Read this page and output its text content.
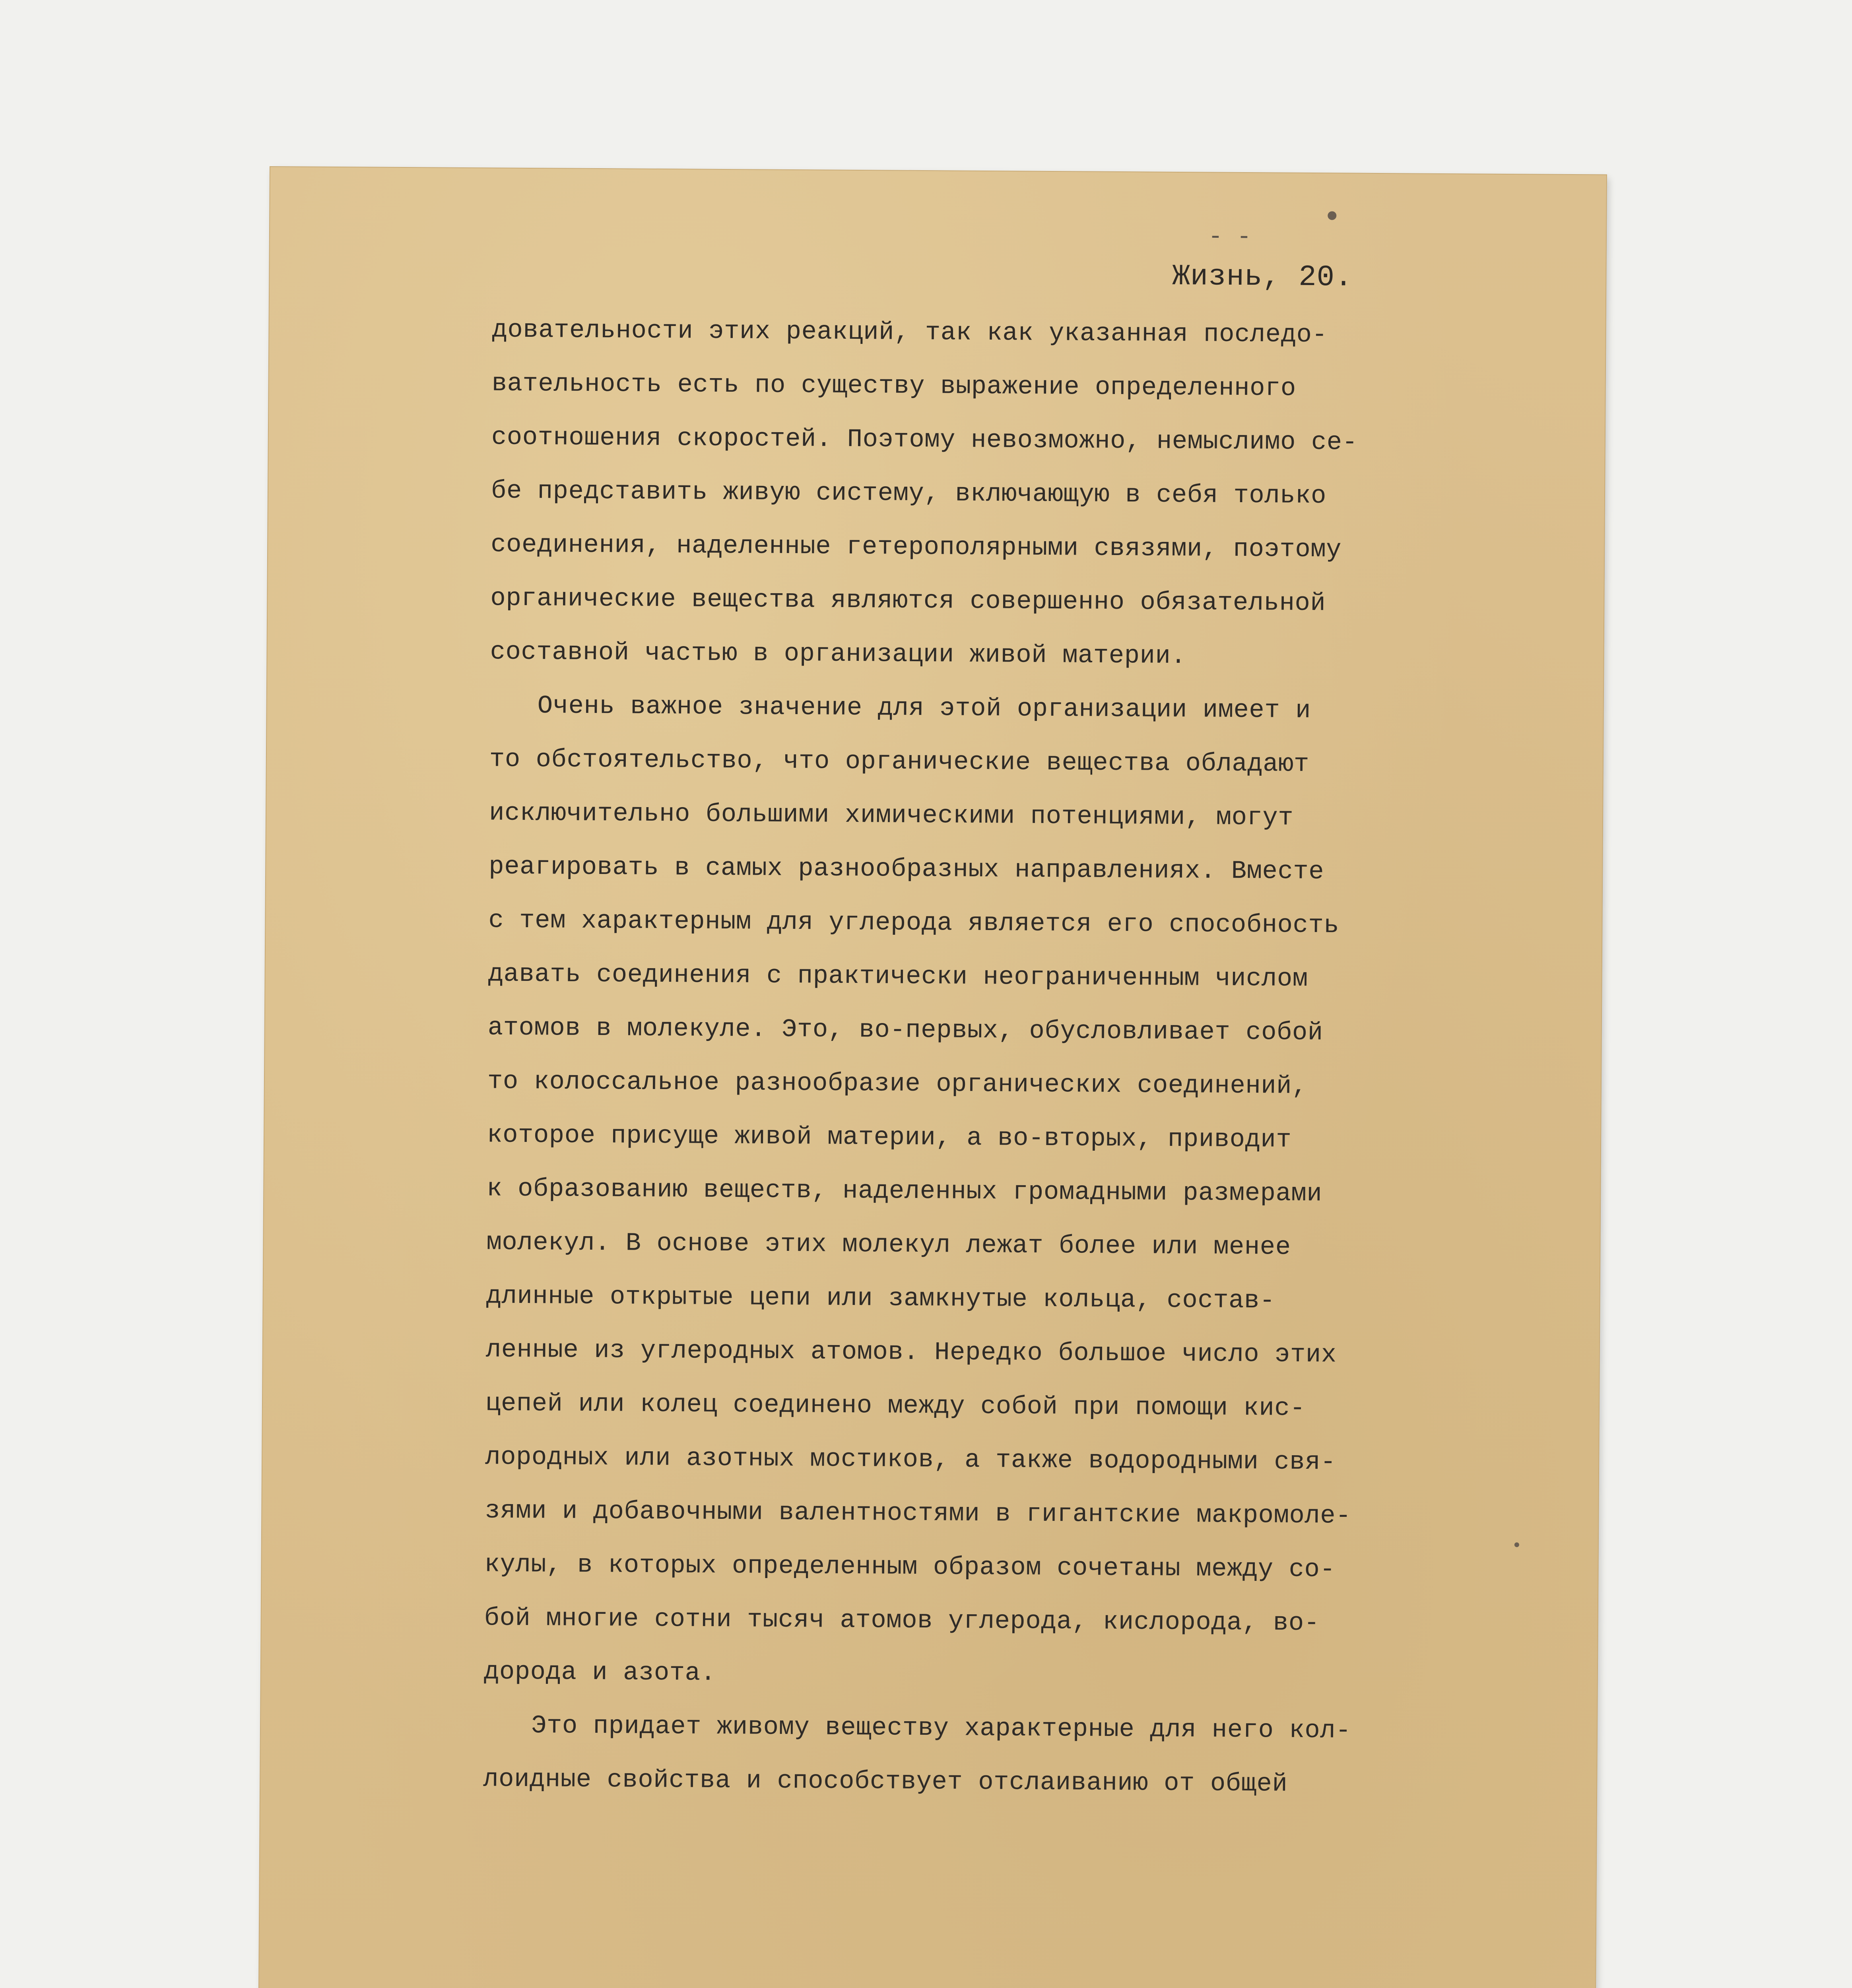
- -
Жизнь, 20.
довательности этих реакций, так как указанная последо-
вательность есть по существу выражение определенного
соотношения скоростей. Поэтому невозможно, немыслимо се-
бе представить живую систему, включающую в себя только
соединения, наделенные гетерополярными связями, поэтому
органические вещества являются совершенно обязательной
составной частью в организации живой материи.
Очень важное значение для этой организации имеет и
то обстоятельство, что органические вещества обладают
исключительно большими химическими потенциями, могут
реагировать в самых разнообразных направлениях. Вместе
с тем характерным для углерода является его способность
давать соединения с практически неограниченным числом
атомов в молекуле. Это, во-первых, обусловливает собой
то колоссальное разнообразие органических соединений,
которое присуще живой материи, а во-вторых, приводит
к образованию веществ, наделенных громадными размерами
молекул. В основе этих молекул лежат более или менее
длинные открытые цепи или замкнутые кольца, состав-
ленные из углеродных атомов. Нередко большое число этих
цепей или колец соединено между собой при помощи кис-
лородных или азотных мостиков, а также водородными свя-
зями и добавочными валентностями в гигантские макромоле-
кулы, в которых определенным образом сочетаны между со-
бой многие сотни тысяч атомов углерода, кислорода, во-
дорода и азота.
Это придает живому веществу характерные для него кол-
лоидные свойства и способствует отслаиванию от общей
